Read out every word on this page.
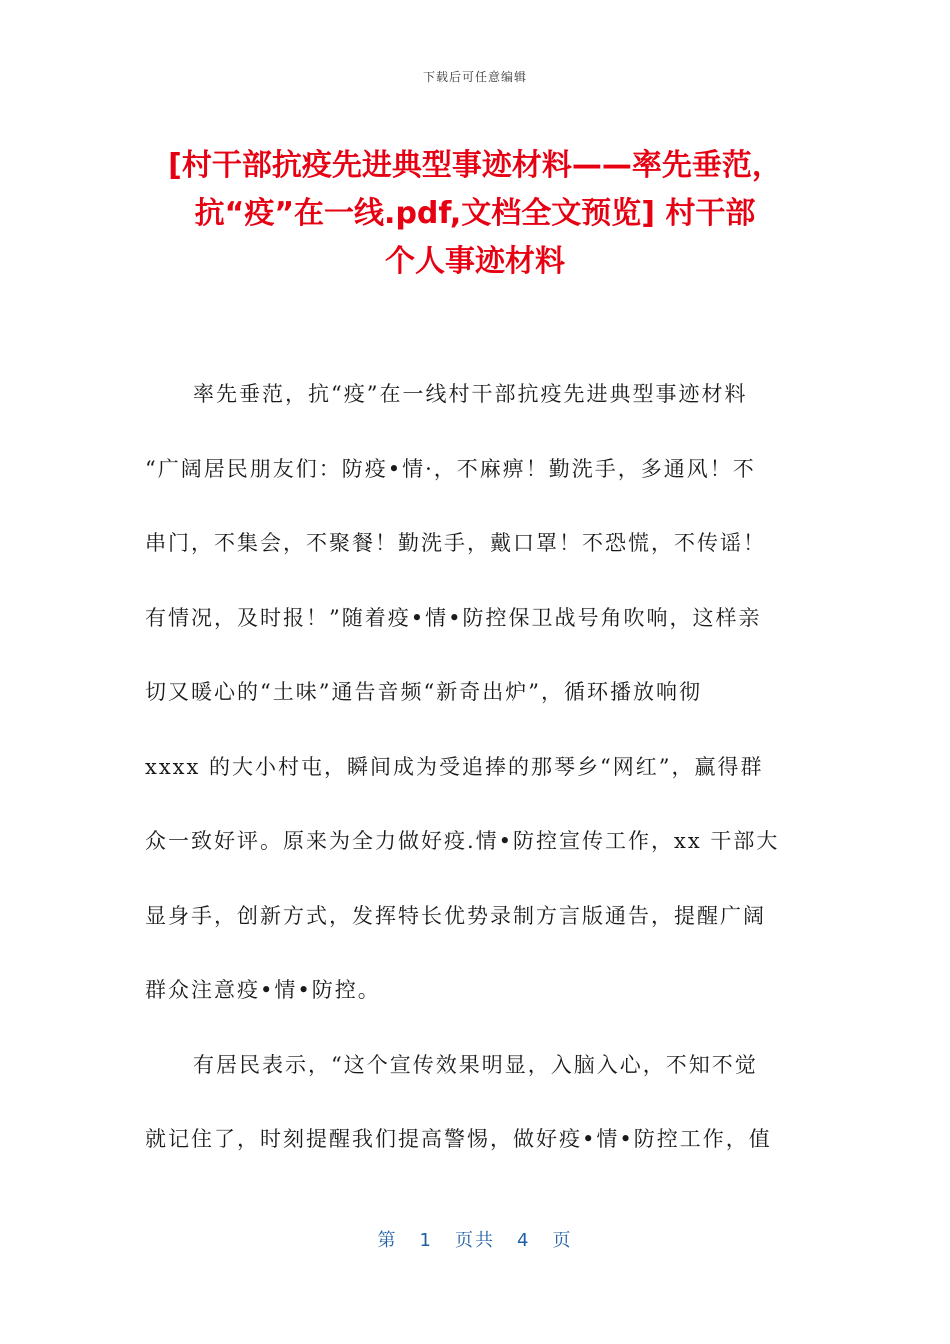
下载后可任意编辑
[村干部抗疫先进典型事迹材料——率先垂范，
抗“疫”在一线.pdf,文档全文预览] 村干部
个人事迹材料
率先垂范，抗“疫”在一线村干部抗疫先进典型事迹材料
“广阔居民朋友们：防疫•情·，不麻痹！勤洗手，多通风！不
串门，不集会，不聚餐！勤洗手，戴口罩！不恐慌，不传谣！
有情况，及时报！”随着疫•情•防控保卫战号角吹响，这样亲
切又暖心的“土味”通告音频“新奇出炉”，循环播放响彻
xxxx 的大小村屯，瞬间成为受追捧的那琴乡“网红”，赢得群
众一致好评。原来为全力做好疫.情•防控宣传工作，xx 干部大
显身手，创新方式，发挥特长优势录制方言版通告，提醒广阔
群众注意疫•情•防控。
有居民表示，“这个宣传效果明显，入脑入心，不知不觉
就记住了，时刻提醒我们提高警惕，做好疫•情•防控工作，值
第 1 页共 4 页
